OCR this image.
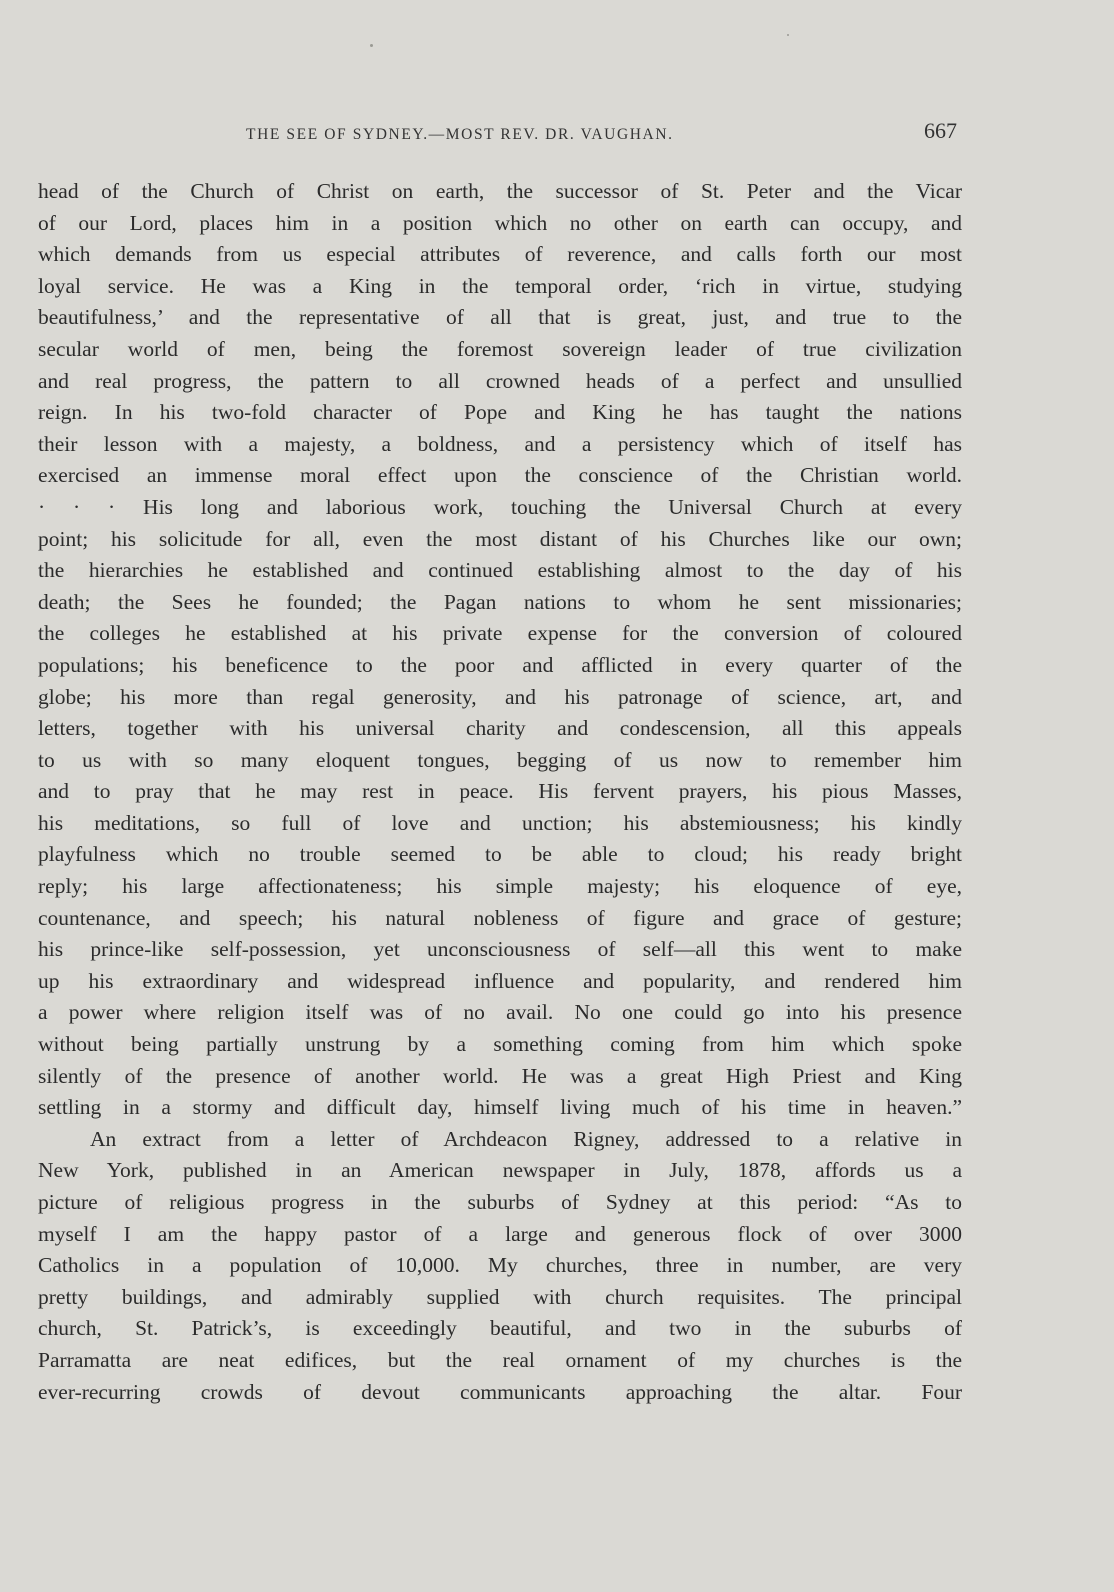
THE SEE OF SYDNEY.—MOST REV. DR. VAUGHAN.	667
head of the Church of Christ on earth, the successor of St. Peter and the Vicar
of our Lord, places him in a position which no other on earth can occupy, and
which demands from us especial attributes of reverence, and calls forth our most
loyal service. He was a King in the temporal order, ‘rich in virtue, studying
beautifulness,’ and the representative of all that is great, just, and true to the
secular world of men, being the foremost sovereign leader of true civilization
and real progress, the pattern to all crowned heads of a perfect and unsullied
reign. In his two-fold character of Pope and King he has taught the nations
their lesson with a majesty, a boldness, and a persistency which of itself has
exercised an immense moral effect upon the conscience of the Christian world.
· · · His long and laborious work, touching the Universal Church at every
point; his solicitude for all, even the most distant of his Churches like our own;
the hierarchies he established and continued establishing almost to the day of his
death; the Sees he founded; the Pagan nations to whom he sent missionaries;
the colleges he established at his private expense for the conversion of coloured
populations; his beneficence to the poor and afflicted in every quarter of the
globe; his more than regal generosity, and his patronage of science, art, and
letters, together with his universal charity and condescension, all this appeals
to us with so many eloquent tongues, begging of us now to remember him
and to pray that he may rest in peace. His fervent prayers, his pious Masses,
his meditations, so full of love and unction; his abstemiousness; his kindly
playfulness which no trouble seemed to be able to cloud; his ready bright
reply; his large affectionateness; his simple majesty; his eloquence of eye,
countenance, and speech; his natural nobleness of figure and grace of gesture;
his prince-like self-possession, yet unconsciousness of self—all this went to make
up his extraordinary and widespread influence and popularity, and rendered him
a power where religion itself was of no avail. No one could go into his presence
without being partially unstrung by a something coming from him which spoke
silently of the presence of another world. He was a great High Priest and King
settling in a stormy and difficult day, himself living much of his time in heaven.”
An extract from a letter of Archdeacon Rigney, addressed to a relative in
New York, published in an American newspaper in July, 1878, affords us a
picture of religious progress in the suburbs of Sydney at this period: “As to
myself I am the happy pastor of a large and generous flock of over 3000
Catholics in a population of 10,000. My churches, three in number, are very
pretty buildings, and admirably supplied with church requisites. The principal
church, St. Patrick’s, is exceedingly beautiful, and two in the suburbs of
Parramatta are neat edifices, but the real ornament of my churches is the
ever-recurring crowds of devout communicants approaching the altar. Four
